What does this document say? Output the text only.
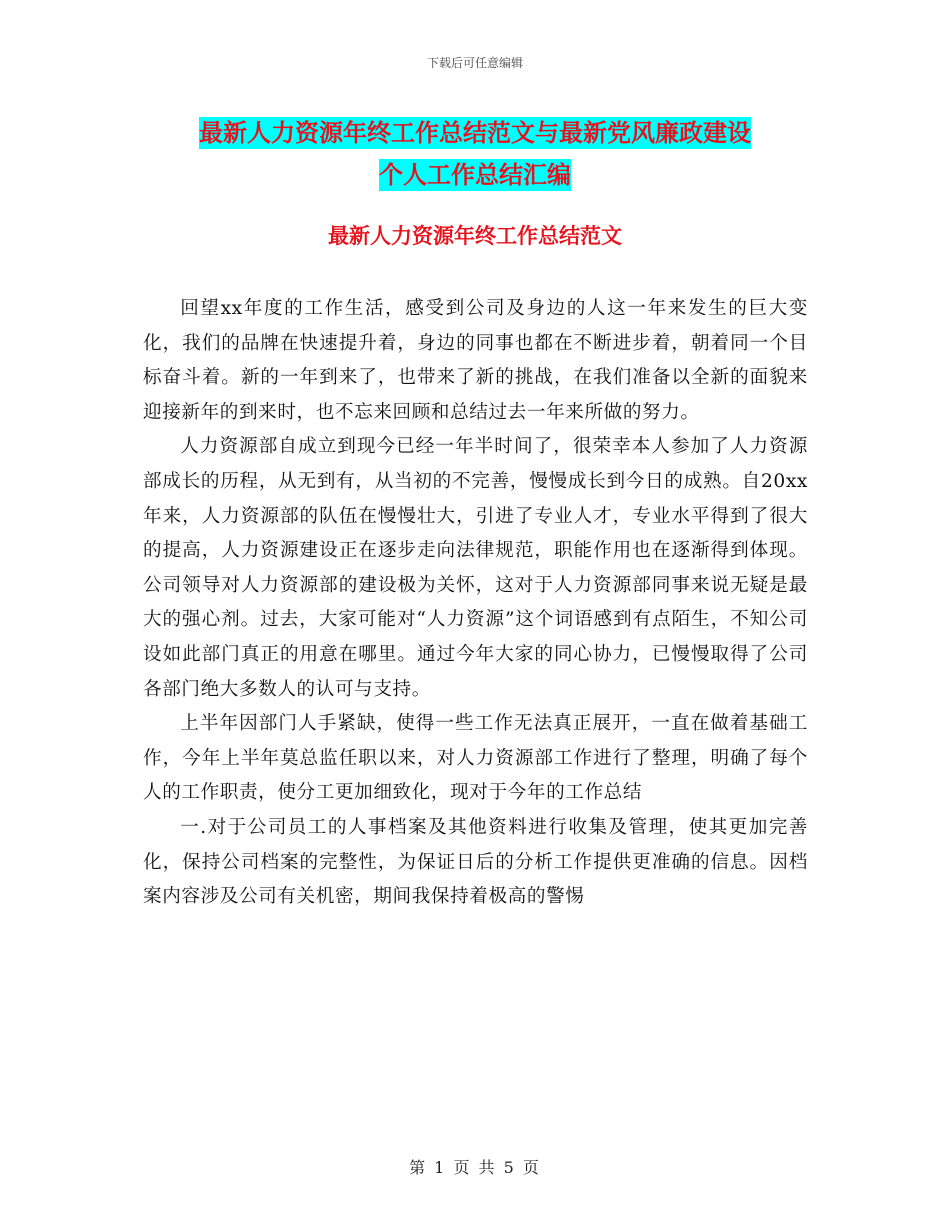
下载后可任意编辑
最新人力资源年终工作总结范文与最新党风廉政建设
个人工作总结汇编
最新人力资源年终工作总结范文

回望xx年度的工作生活，感受到公司及身边的人这一年来发生的巨大变化，我们的品牌在快速提升着，身边的同事也都在不断进步着，朝着同一个目标奋斗着。新的一年到来了，也带来了新的挑战，在我们准备以全新的面貌来迎接新年的到来时，也不忘来回顾和总结过去一年来所做的努力。

人力资源部自成立到现今已经一年半时间了，很荣幸本人参加了人力资源部成长的历程，从无到有，从当初的不完善，慢慢成长到今日的成熟。自20xx年来，人力资源部的队伍在慢慢壮大，引进了专业人才，专业水平得到了很大的提高，人力资源建设正在逐步走向法律规范，职能作用也在逐渐得到体现。公司领导对人力资源部的建设极为关怀，这对于人力资源部同事来说无疑是最大的强心剂。过去，大家可能对“人力资源”这个词语感到有点陌生，不知公司设如此部门真正的用意在哪里。通过今年大家的同心协力，已慢慢取得了公司各部门绝大多数人的认可与支持。

上半年因部门人手紧缺，使得一些工作无法真正展开，一直在做着基础工作，今年上半年莫总监任职以来，对人力资源部工作进行了整理，明确了每个人的工作职责，使分工更加细致化，现对于今年的工作总结

一.对于公司员工的人事档案及其他资料进行收集及管理，使其更加完善化，保持公司档案的完整性，为保证日后的分析工作提供更准确的信息。因档案内容涉及公司有关机密，期间我保持着极高的警惕

第 1 页 共 5 页
